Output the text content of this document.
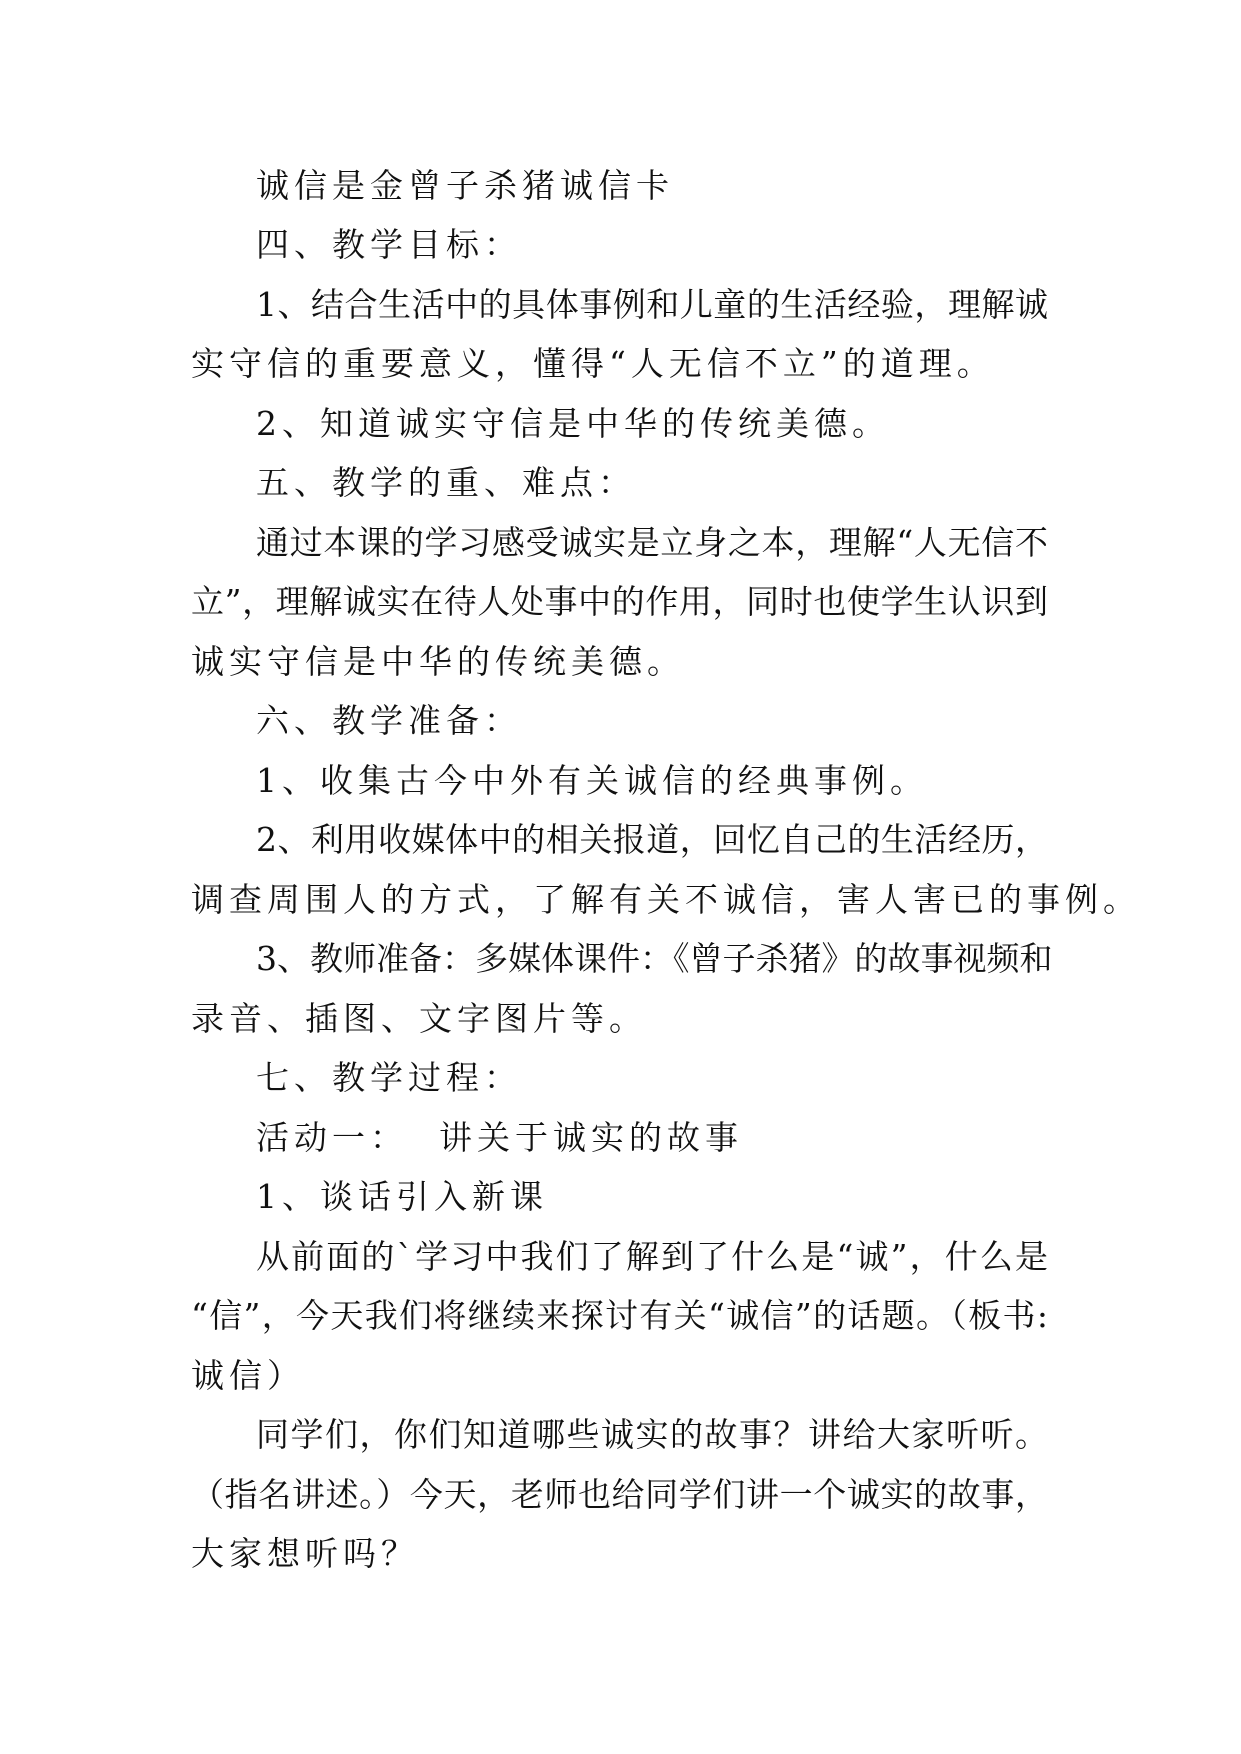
诚信是金曾子杀猪诚信卡
四、教学目标：
1、结合生活中的具体事例和儿童的生活经验，理解诚
实守信的重要意义，懂得“人无信不立”的道理。
2、知道诚实守信是中华的传统美德。
五、教学的重、难点：
通过本课的学习感受诚实是立身之本，理解“人无信不
立”，理解诚实在待人处事中的作用，同时也使学生认识到
诚实守信是中华的传统美德。
六、教学准备：
1、收集古今中外有关诚信的经典事例。
2、利用收媒体中的相关报道，回忆自己的生活经历，
调查周围人的方式，了解有关不诚信，害人害已的事例。
3、教师准备：多媒体课件：《曾子杀猪》的故事视频和
录音、插图、文字图片等。
七、教学过程：
活动一：  讲关于诚实的故事
1、谈话引入新课
从前面的`学习中我们了解到了什么是“诚”，什么是
“信”，今天我们将继续来探讨有关“诚信”的话题。（板书:
诚信）
同学们，你们知道哪些诚实的故事？讲给大家听听。
（指名讲述。）今天，老师也给同学们讲一个诚实的故事，
大家想听吗？
